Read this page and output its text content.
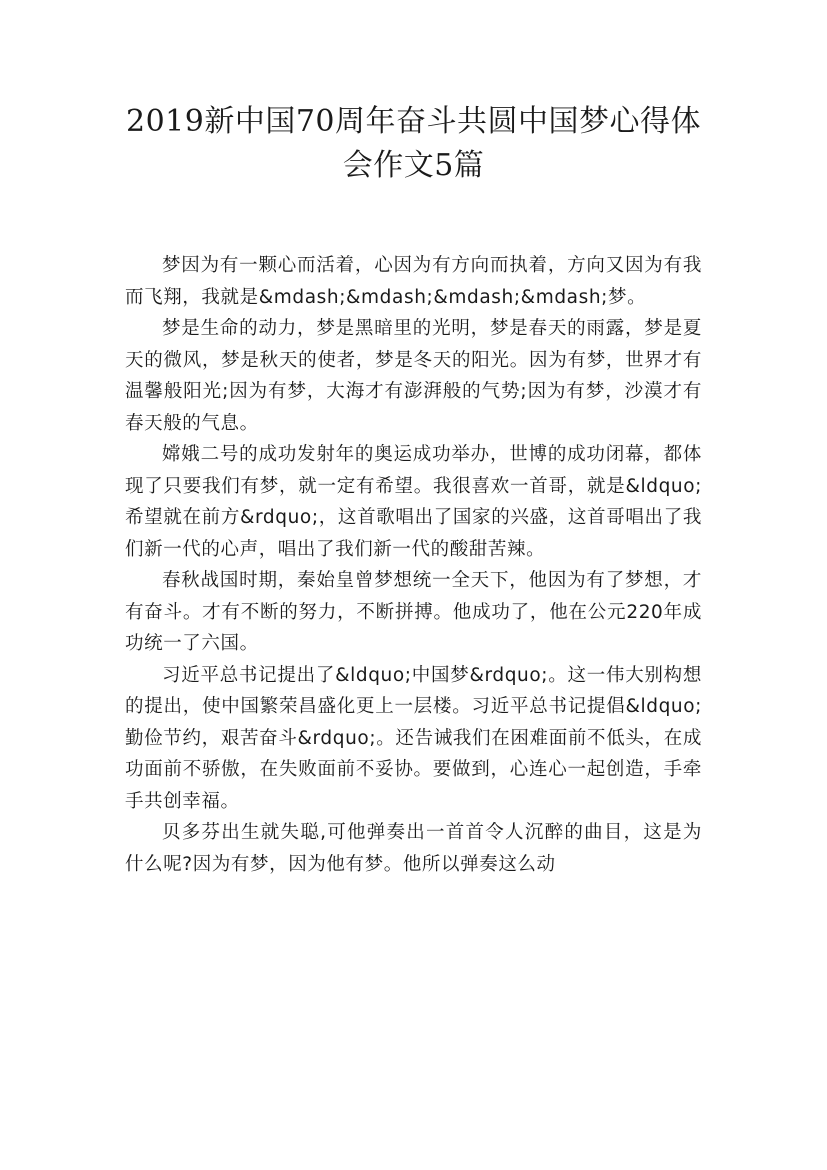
2019新中国70周年奋斗共圆中国梦心得体
会作文5篇

梦因为有一颗心而活着，心因为有方向而执着，方向又因为有我而飞翔，我就是&mdash;&mdash;&mdash;&mdash;梦。

梦是生命的动力，梦是黑暗里的光明，梦是春天的雨露，梦是夏天的微风，梦是秋天的使者，梦是冬天的阳光。因为有梦，世界才有温馨般阳光;因为有梦，大海才有澎湃般的气势;因为有梦，沙漠才有春天般的气息。

嫦娥二号的成功发射年的奥运成功举办，世博的成功闭幕，都体现了只要我们有梦，就一定有希望。我很喜欢一首哥，就是&ldquo;希望就在前方&rdquo;，这首歌唱出了国家的兴盛，这首哥唱出了我们新一代的心声，唱出了我们新一代的酸甜苦辣。

春秋战国时期，秦始皇曾梦想统一全天下，他因为有了梦想，才有奋斗。才有不断的努力，不断拼搏。他成功了，他在公元220年成功统一了六国。

习近平总书记提出了&ldquo;中国梦&rdquo;。这一伟大别构想的提出，使中国繁荣昌盛化更上一层楼。习近平总书记提倡&ldquo;勤俭节约，艰苦奋斗&rdquo;。还告诫我们在困难面前不低头，在成功面前不骄傲，在失败面前不妥协。要做到，心连心一起创造，手牵手共创幸福。

贝多芬出生就失聪,可他弹奏出一首首令人沉醉的曲目，这是为什么呢?因为有梦，因为他有梦。他所以弹奏这么动
